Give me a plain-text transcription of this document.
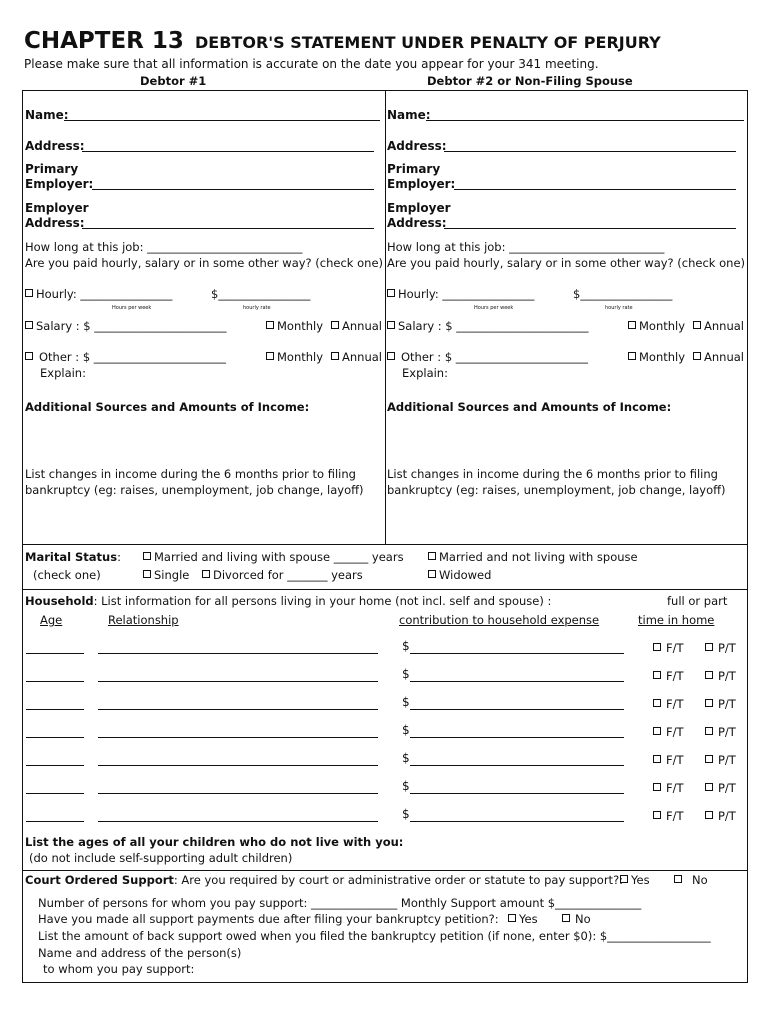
CHAPTER 13 DEBTOR'S STATEMENT UNDER PENALTY OF PERJURY
Please make sure that all information is accurate on the date you appear for your 341 meeting.
Debtor #1	Debtor #2 or Non-Filing Spouse
Name:
Address:
Primary
Employer:
Employer
Address:
How long at this job: ___________________________
Are you paid hourly, salary or in some other way? (check one)
Hourly: ________________	$________________
Hours per week	hourly rate
Salary : $ _______________________	Monthly	Annual
Other : $ _______________________	Monthly	Annual
Explain:
Additional Sources and Amounts of Income:
List changes in income during the 6 months prior to filing
bankruptcy (eg: raises, unemployment, job change, layoff)
Name:
Address:
Primary
Employer:
Employer
Address:
How long at this job: ___________________________
Are you paid hourly, salary or in some other way? (check one)
Hourly: ________________	$________________
Hours per week	hourly rate
Salary : $ _______________________	Monthly	Annual
Other : $ _______________________	Monthly	Annual
Explain:
Additional Sources and Amounts of Income:
List changes in income during the 6 months prior to filing
bankruptcy (eg: raises, unemployment, job change, layoff)
Marital Status:
(check one)
Married and living with spouse ______ years
Single	Divorced for _______ years
Married and not living with spouse
Widowed
Household: List information for all persons living in your home (not incl. self and spouse) :	full or part
time in home
Age	Relationship	contribution to household expense
$	F/T	P/T
$	F/T	P/T
$	F/T	P/T
$	F/T	P/T
$	F/T	P/T
$	F/T	P/T
$	F/T	P/T
List the ages of all your children who do not live with you:
(do not include self-supporting adult children)
Court Ordered Support: Are you required by court or administrative order or statute to pay support?: Yes	No
Number of persons for whom you pay support: _______________ Monthly Support amount $_______________
Have you made all support payments due after filing your bankruptcy petition?:	Yes	No
List the amount of back support owed when you filed the bankruptcy petition (if none, enter $0): $__________________
Name and address of the person(s)
to whom you pay support:
